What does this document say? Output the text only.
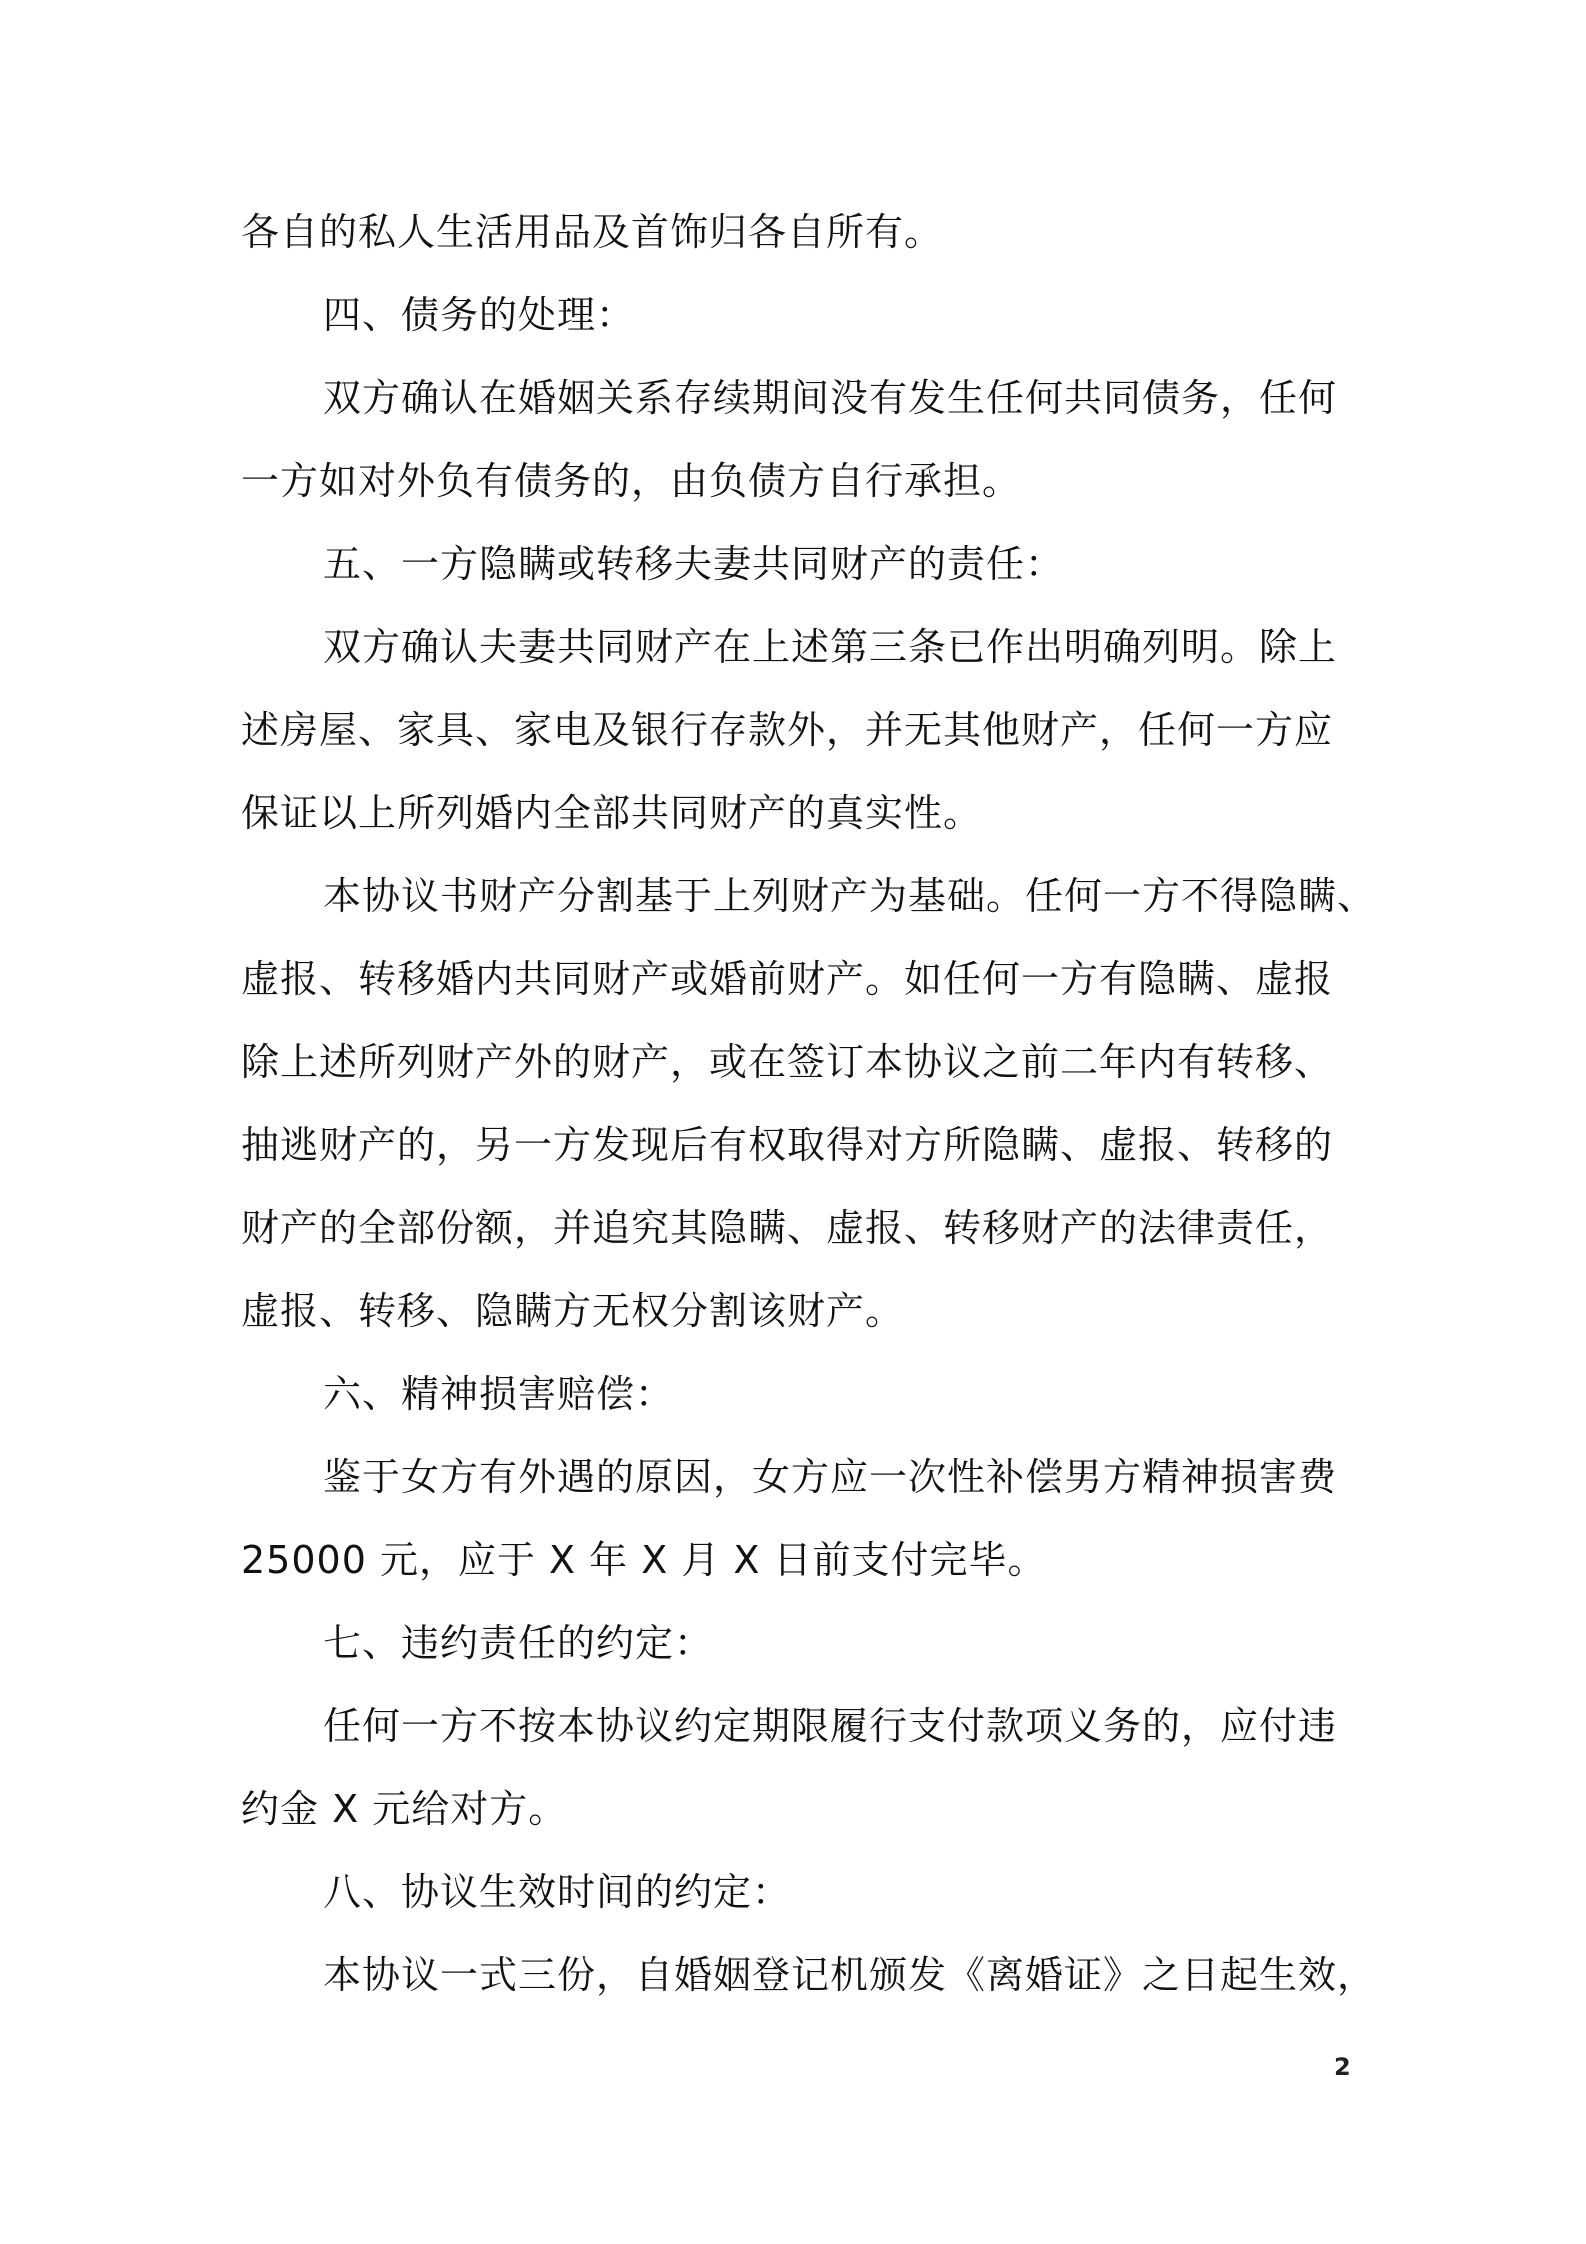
各自的私人生活用品及首饰归各自所有。
四、债务的处理：
双方确认在婚姻关系存续期间没有发生任何共同债务，任何
一方如对外负有债务的，由负债方自行承担。
五、一方隐瞒或转移夫妻共同财产的责任：
双方确认夫妻共同财产在上述第三条已作出明确列明。除上
述房屋、家具、家电及银行存款外，并无其他财产，任何一方应
保证以上所列婚内全部共同财产的真实性。
本协议书财产分割基于上列财产为基础。任何一方不得隐瞒、
虚报、转移婚内共同财产或婚前财产。如任何一方有隐瞒、虚报
除上述所列财产外的财产，或在签订本协议之前二年内有转移、
抽逃财产的，另一方发现后有权取得对方所隐瞒、虚报、转移的
财产的全部份额，并追究其隐瞒、虚报、转移财产的法律责任，
虚报、转移、隐瞒方无权分割该财产。
六、精神损害赔偿：
鉴于女方有外遇的原因，女方应一次性补偿男方精神损害费
25000 元，应于 X 年 X 月 X 日前支付完毕。
七、违约责任的约定：
任何一方不按本协议约定期限履行支付款项义务的，应付违
约金 X 元给对方。
八、协议生效时间的约定：
本协议一式三份，自婚姻登记机颁发《离婚证》之日起生效，
2
